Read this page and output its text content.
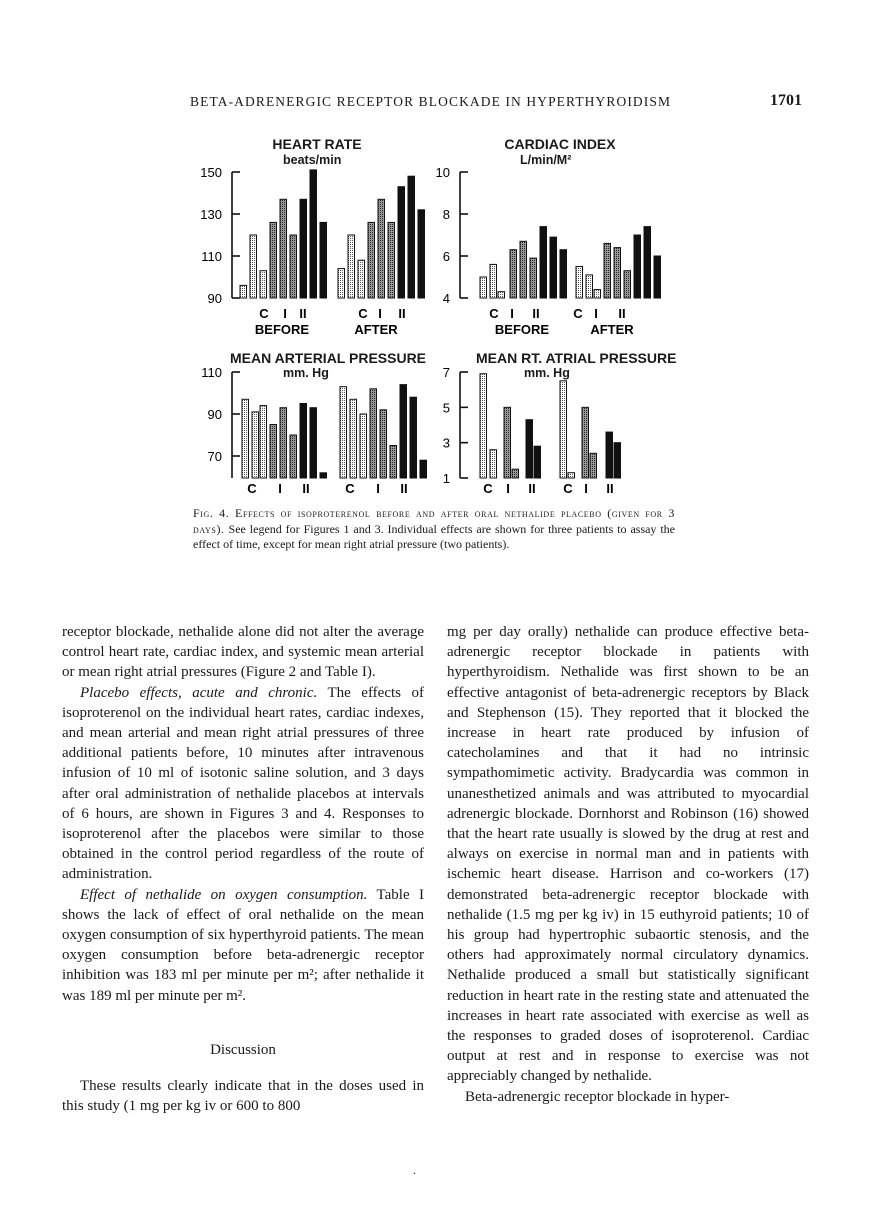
BETA-ADRENERGIC RECEPTOR BLOCKADE IN HYPERTHYROIDISM	1701
HEART RATE
beats/min
150
130
110
90
C I II	C I II
BEFORE	AFTER
CARDIAC INDEX
L/min/M²
10
8
6
4
C I II	C I II
BEFORE	AFTER
MEAN ARTERIAL PRESSURE
mm. Hg
110
90
70
C I II	C I II
MEAN RT. ATRIAL PRESSURE
mm. Hg
7
5
3
1
C I II C I II
Fig. 4. Effects of isoproterenol before and after oral nethalide placebo (given for 3 days). See legend for Figures 1 and 3. Individual effects are shown for three patients to assay the effect of time, except for mean right atrial pressure (two patients).

receptor blockade, nethalide alone did not alter the average control heart rate, cardiac index, and systemic mean arterial or mean right atrial pressures (Figure 2 and Table I).

Placebo effects, acute and chronic. The effects of isoproterenol on the individual heart rates, cardiac indexes, and mean arterial and mean right atrial pressures of three additional patients before, 10 minutes after intravenous infusion of 10 ml of isotonic saline solution, and 3 days after oral administration of nethalide placebos at intervals of 6 hours, are shown in Figures 3 and 4. Responses to isoproterenol after the placebos were similar to those obtained in the control period regardless of the route of administration.

Effect of nethalide on oxygen consumption. Table I shows the lack of effect of oral nethalide on the mean oxygen consumption of six hyperthyroid patients. The mean oxygen consumption before beta-adrenergic receptor inhibition was 183 ml per minute per m²; after nethalide it was 189 ml per minute per m².

Discussion

These results clearly indicate that in the doses used in this study (1 mg per kg iv or 600 to 800

mg per day orally) nethalide can produce effective beta-adrenergic receptor blockade in patients with hyperthyroidism. Nethalide was first shown to be an effective antagonist of beta-adrenergic receptors by Black and Stephenson (15). They reported that it blocked the increase in heart rate produced by infusion of catecholamines and that it had no intrinsic sympathomimetic activity. Bradycardia was common in unanesthetized animals and was attributed to myocardial adrenergic blockade. Dornhorst and Robinson (16) showed that the heart rate usually is slowed by the drug at rest and always on exercise in normal man and in patients with ischemic heart disease. Harrison and co-workers (17) demonstrated beta-adrenergic receptor blockade with nethalide (1.5 mg per kg iv) in 15 euthyroid patients; 10 of his group had hypertrophic subaortic stenosis, and the others had approximately normal circulatory dynamics. Nethalide produced a small but statistically significant reduction in heart rate in the resting state and attenuated the increases in heart rate associated with exercise as well as the responses to graded doses of isoproterenol. Cardiac output at rest and in response to exercise was not appreciably changed by nethalide.

Beta-adrenergic receptor blockade in hyper-

.
